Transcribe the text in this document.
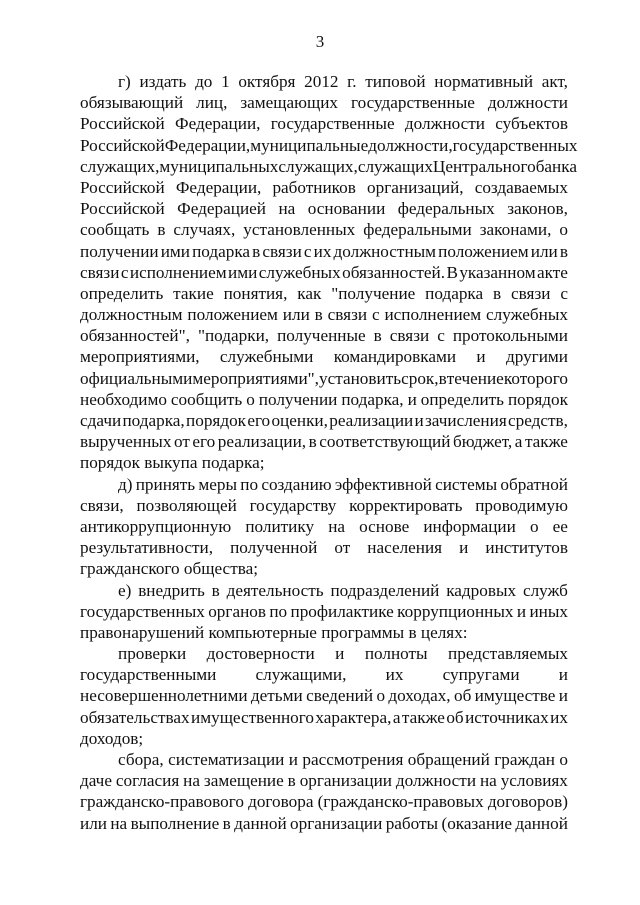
3
г) издать до 1 октября 2012 г. типовой нормативный акт,
обязывающий лиц, замещающих государственные должности
Российской Федерации, государственные должности субъектов
Российской Федерации, муниципальные должности, государственных
служащих, муниципальных служащих, служащих Центрального банка
Российской Федерации, работников организаций, создаваемых
Российской Федерацией на основании федеральных законов,
сообщать в случаях, установленных федеральными законами, о
получении ими подарка в связи с их должностным положением или в
связи с исполнением ими служебных обязанностей. В указанном акте
определить такие понятия, как "получение подарка в связи с
должностным положением или в связи с исполнением служебных
обязанностей", "подарки, полученные в связи с протокольными
мероприятиями, служебными командировками и другими
официальными мероприятиями", установить срок, в течение которого
необходимо сообщить о получении подарка, и определить порядок
сдачи подарка, порядок его оценки, реализации и зачисления средств,
вырученных от его реализации, в соответствующий бюджет, а также
порядок выкупа подарка;
д) принять меры по созданию эффективной системы обратной
связи, позволяющей государству корректировать проводимую
антикоррупционную политику на основе информации о ее
результативности, полученной от населения и институтов
гражданского общества;
е) внедрить в деятельность подразделений кадровых служб
государственных органов по профилактике коррупционных и иных
правонарушений компьютерные программы в целях:
проверки достоверности и полноты представляемых
государственными служащими, их супругами и
несовершеннолетними детьми сведений о доходах, об имуществе и
обязательствах имущественного характера, а также об источниках их
доходов;
сбора, систематизации и рассмотрения обращений граждан о
даче согласия на замещение в организации должности на условиях
гражданско-правового договора (гражданско-правовых договоров)
или на выполнение в данной организации работы (оказание данной
